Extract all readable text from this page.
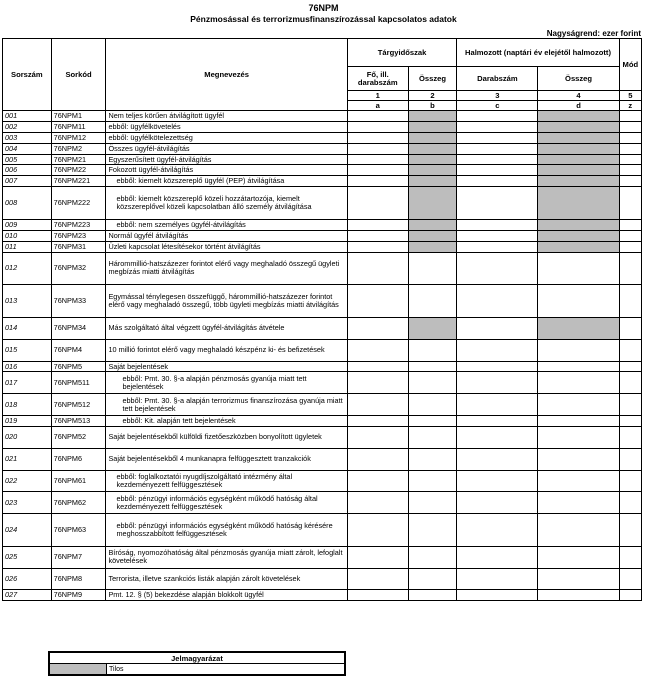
76NPM
Pénzmosással és terrorizmusfinanszírozással kapcsolatos adatok
Nagyságrend: ezer forint
Sorszám	Sorkód	Megnevezés	Tárgyidőszak		Halmozott (naptári év elejétől halmozott)		Mód
			Fő, ill. darabszám	Összeg	Darabszám	Összeg	
			1	2	3	4	5
			a	b	c	d	z
001	76NPM1	Nem teljes körűen átvilágított ügyfél					
002	76NPM11	ebből: ügyfélkövetelés					
003	76NPM12	ebből: ügyfélkötelezettség					
004	76NPM2	Összes ügyfél-átvilágítás					
005	76NPM21	Egyszerűsített ügyfél-átvilágítás					
006	76NPM22	Fokozott ügyfél-átvilágítás					
007	76NPM221	ebből: kiemelt közszereplő ügyfél (PEP) átvilágítása					
008	76NPM222	ebből: kiemelt közszereplő közeli hozzátartozója, kiemelt közszereplővel közeli kapcsolatban álló személy átvilágítása					
009	76NPM223	ebből: nem személyes ügyfél-átvilágítás					
010	76NPM23	Normál ügyfél átvilágítás					
011	76NPM31	Üzleti kapcsolat létesítésekor történt átvilágítás					
012	76NPM32	Hárommillió-hatszázezer forintot elérő vagy meghaladó összegű ügyleti megbízás miatti átvilágítás					
013	76NPM33	Egymással ténylegesen összefüggő, hárommillió-hatszázezer forintot elérő vagy meghaladó összegű, több ügyleti megbízás miatti átvilágítás					
014	76NPM34	Más szolgáltató által végzett ügyfél-átvilágítás átvétele					
015	76NPM4	10 millió forintot elérő vagy meghaladó készpénz ki- és befizetések					
016	76NPM5	Saját bejelentések					
017	76NPM511	ebből: Pmt. 30. §-a alapján pénzmosás gyanúja miatt tett bejelentések					
018	76NPM512	ebből: Pmt. 30. §-a alapján terrorizmus finanszírozása gyanúja miatt tett bejelentések					
019	76NPM513	ebből: Kit. alapján tett bejelentések					
020	76NPM52	Saját bejelentésekből külföldi fizetőeszközben bonyolított ügyletek					
021	76NPM6	Saját bejelentésekből 4 munkanapra felfüggesztett tranzakciók					
022	76NPM61	ebből: foglalkoztatói nyugdíjszolgáltató intézmény által kezdeményezett felfüggesztések					
023	76NPM62	ebből: pénzügyi információs egységként működő hatóság által kezdeményezett felfüggesztések					
024	76NPM63	ebből: pénzügyi információs egységként működő hatóság kérésére meghosszabbított felfüggesztések					
025	76NPM7	Bíróság, nyomozóhatóság által pénzmosás gyanúja miatt zárolt, lefoglalt követelések					
026	76NPM8	Terrorista, illetve szankciós listák alapján zárolt követelések					
027	76NPM9	Pmt. 12. § (5) bekezdése alapján blokkolt ügyfél					
Jelmagyarázat
	Tilos
